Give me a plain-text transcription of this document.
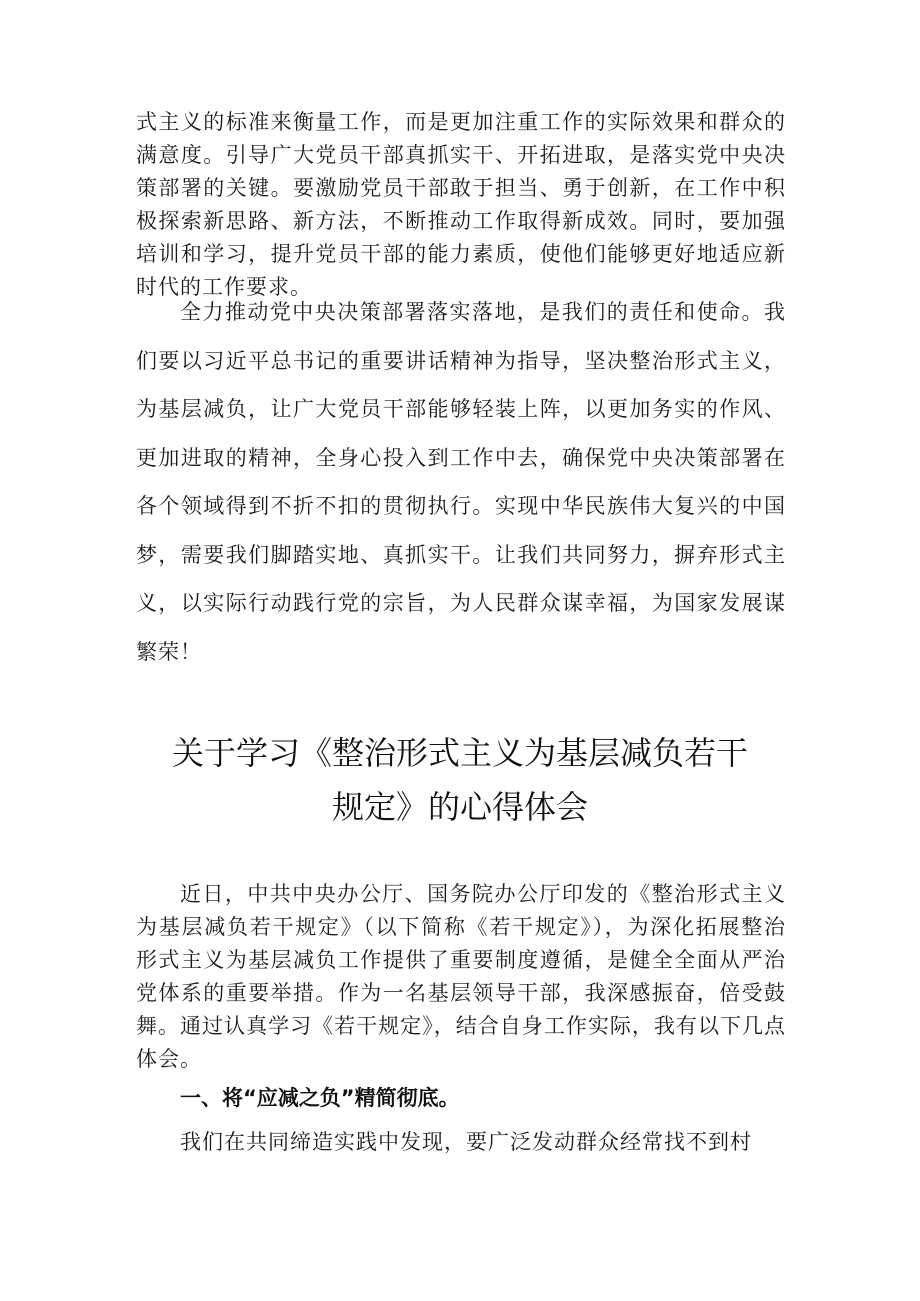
式主义的标准来衡量工作，而是更加注重工作的实际效果和群众的满意度。引导广大党员干部真抓实干、开拓进取，是落实党中央决策部署的关键。要激励党员干部敢于担当、勇于创新，在工作中积极探索新思路、新方法，不断推动工作取得新成效。同时，要加强培训和学习，提升党员干部的能力素质，使他们能够更好地适应新时代的工作要求。

全力推动党中央决策部署落实落地，是我们的责任和使命。我们要以习近平总书记的重要讲话精神为指导，坚决整治形式主义，为基层减负，让广大党员干部能够轻装上阵，以更加务实的作风、更加进取的精神，全身心投入到工作中去，确保党中央决策部署在各个领域得到不折不扣的贯彻执行。实现中华民族伟大复兴的中国梦，需要我们脚踏实地、真抓实干。让我们共同努力，摒弃形式主义，以实际行动践行党的宗旨，为人民群众谋幸福，为国家发展谋繁荣！

关于学习《整治形式主义为基层减负若干
规定》的心得体会

近日，中共中央办公厅、国务院办公厅印发的《整治形式主义为基层减负若干规定》（以下简称《若干规定》），为深化拓展整治形式主义为基层减负工作提供了重要制度遵循，是健全全面从严治党体系的重要举措。作为一名基层领导干部，我深感振奋，倍受鼓舞。通过认真学习《若干规定》，结合自身工作实际，我有以下几点体会。

一、将“应减之负”精简彻底。

我们在共同缔造实践中发现，要广泛发动群众经常找不到村
